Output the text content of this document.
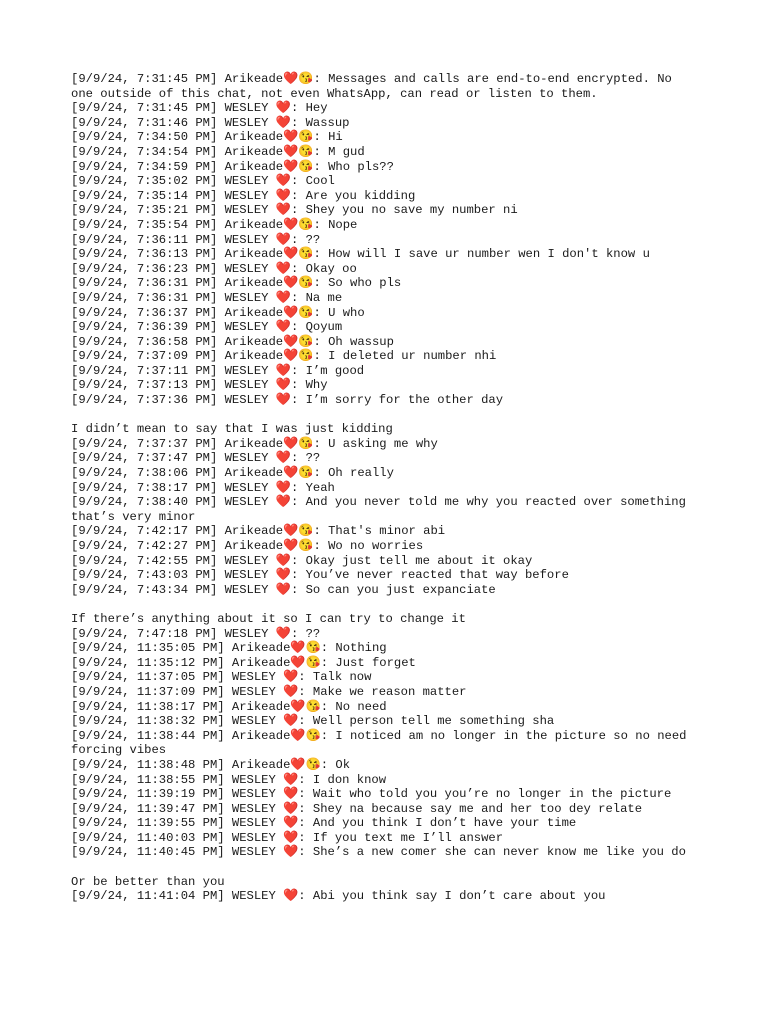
[9/9/24, 7:31:45 PM] Arikeade❤️😘: Messages and calls are end-to-end encrypted. No one outside of this chat, not even WhatsApp, can read or listen to them.
[9/9/24, 7:31:45 PM] WESLEY ❤️: Hey
[9/9/24, 7:31:46 PM] WESLEY ❤️: Wassup
[9/9/24, 7:34:50 PM] Arikeade❤️😘: Hi
[9/9/24, 7:34:54 PM] Arikeade❤️😘: M gud
[9/9/24, 7:34:59 PM] Arikeade❤️😘: Who pls??
[9/9/24, 7:35:02 PM] WESLEY ❤️: Cool
[9/9/24, 7:35:14 PM] WESLEY ❤️: Are you kidding
[9/9/24, 7:35:21 PM] WESLEY ❤️: Shey you no save my number ni
[9/9/24, 7:35:54 PM] Arikeade❤️😘: Nope
[9/9/24, 7:36:11 PM] WESLEY ❤️: ??
[9/9/24, 7:36:13 PM] Arikeade❤️😘: How will I save ur number wen I don't know u
[9/9/24, 7:36:23 PM] WESLEY ❤️: Okay oo
[9/9/24, 7:36:31 PM] Arikeade❤️😘: So who pls
[9/9/24, 7:36:31 PM] WESLEY ❤️: Na me
[9/9/24, 7:36:37 PM] Arikeade❤️😘: U who
[9/9/24, 7:36:39 PM] WESLEY ❤️: Qoyum
[9/9/24, 7:36:58 PM] Arikeade❤️😘: Oh wassup
[9/9/24, 7:37:09 PM] Arikeade❤️😘: I deleted ur number nhi
[9/9/24, 7:37:11 PM] WESLEY ❤️: I’m good
[9/9/24, 7:37:13 PM] WESLEY ❤️: Why
[9/9/24, 7:37:36 PM] WESLEY ❤️: I’m sorry for the other day
I didn’t mean to say that I was just kidding
[9/9/24, 7:37:37 PM] Arikeade❤️😘: U asking me why
[9/9/24, 7:37:47 PM] WESLEY ❤️: ??
[9/9/24, 7:38:06 PM] Arikeade❤️😘: Oh really
[9/9/24, 7:38:17 PM] WESLEY ❤️: Yeah
[9/9/24, 7:38:40 PM] WESLEY ❤️: And you never told me why you reacted over something that’s very minor
[9/9/24, 7:42:17 PM] Arikeade❤️😘: That's minor abi
[9/9/24, 7:42:27 PM] Arikeade❤️😘: Wo no worries
[9/9/24, 7:42:55 PM] WESLEY ❤️: Okay just tell me about it okay
[9/9/24, 7:43:03 PM] WESLEY ❤️: You’ve never reacted that way before
[9/9/24, 7:43:34 PM] WESLEY ❤️: So can you just expanciate
If there’s anything about it so I can try to change it
[9/9/24, 7:47:18 PM] WESLEY ❤️: ??
[9/9/24, 11:35:05 PM] Arikeade❤️😘: Nothing
[9/9/24, 11:35:12 PM] Arikeade❤️😘: Just forget
[9/9/24, 11:37:05 PM] WESLEY ❤️: Talk now
[9/9/24, 11:37:09 PM] WESLEY ❤️: Make we reason matter
[9/9/24, 11:38:17 PM] Arikeade❤️😘: No need
[9/9/24, 11:38:32 PM] WESLEY ❤️: Well person tell me something sha
[9/9/24, 11:38:44 PM] Arikeade❤️😘: I noticed am no longer in the picture so no need forcing vibes
[9/9/24, 11:38:48 PM] Arikeade❤️😘: Ok
[9/9/24, 11:38:55 PM] WESLEY ❤️: I don know
[9/9/24, 11:39:19 PM] WESLEY ❤️: Wait who told you you’re no longer in the picture
[9/9/24, 11:39:47 PM] WESLEY ❤️: Shey na because say me and her too dey relate
[9/9/24, 11:39:55 PM] WESLEY ❤️: And you think I don’t have your time
[9/9/24, 11:40:03 PM] WESLEY ❤️: If you text me I’ll answer
[9/9/24, 11:40:45 PM] WESLEY ❤️: She’s a new comer she can never know me like you do
Or be better than you
[9/9/24, 11:41:04 PM] WESLEY ❤️: Abi you think say I don’t care about you
